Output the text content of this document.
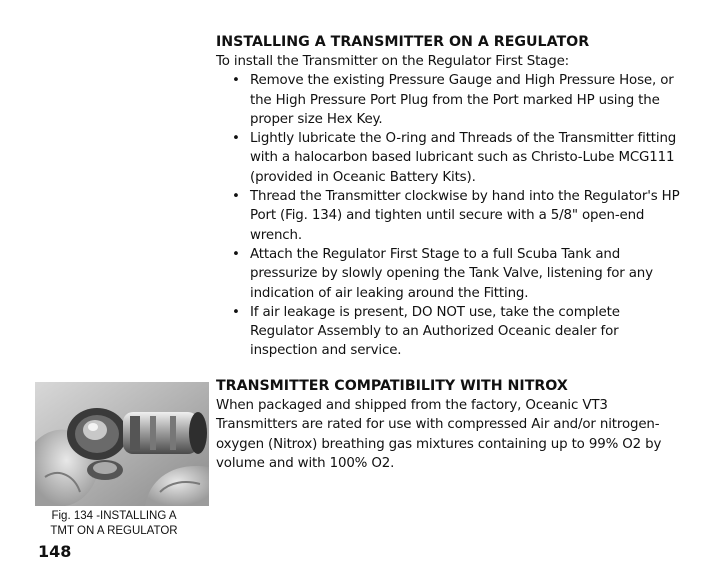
INSTALLING A TRANSMITTER ON A REGULATOR

To install the Transmitter on the Regulator First Stage:

• Remove the existing Pressure Gauge and High Pressure Hose, or the High Pressure Port Plug from the Port marked HP using the proper size Hex Key.
• Lightly lubricate the O-ring and Threads of the Transmitter fitting with a halocarbon based lubricant such as Christo-Lube MCG111 (provided in Oceanic Battery Kits).
• Thread the Transmitter clockwise by hand into the Regulator's HP Port (Fig. 134) and tighten until secure with a 5/8" open-end wrench.
• Attach the Regulator First Stage to a full Scuba Tank and pressurize by slowly opening the Tank Valve, listening for any indication of air leaking around the Fitting.
• If air leakage is present, DO NOT use, take the complete Regulator Assembly to an Authorized Oceanic dealer for inspection and service.
TRANSMITTER COMPATIBILITY WITH NITROX

When packaged and shipped from the factory, Oceanic VT3 Transmitters are rated for use with compressed Air and/or nitrogen-oxygen (Nitrox) breathing gas mixtures containing up to 99% O2 by volume and with 100% O2.

Fig. 134 -INSTALLING A
TMT ON A REGULATOR
148
